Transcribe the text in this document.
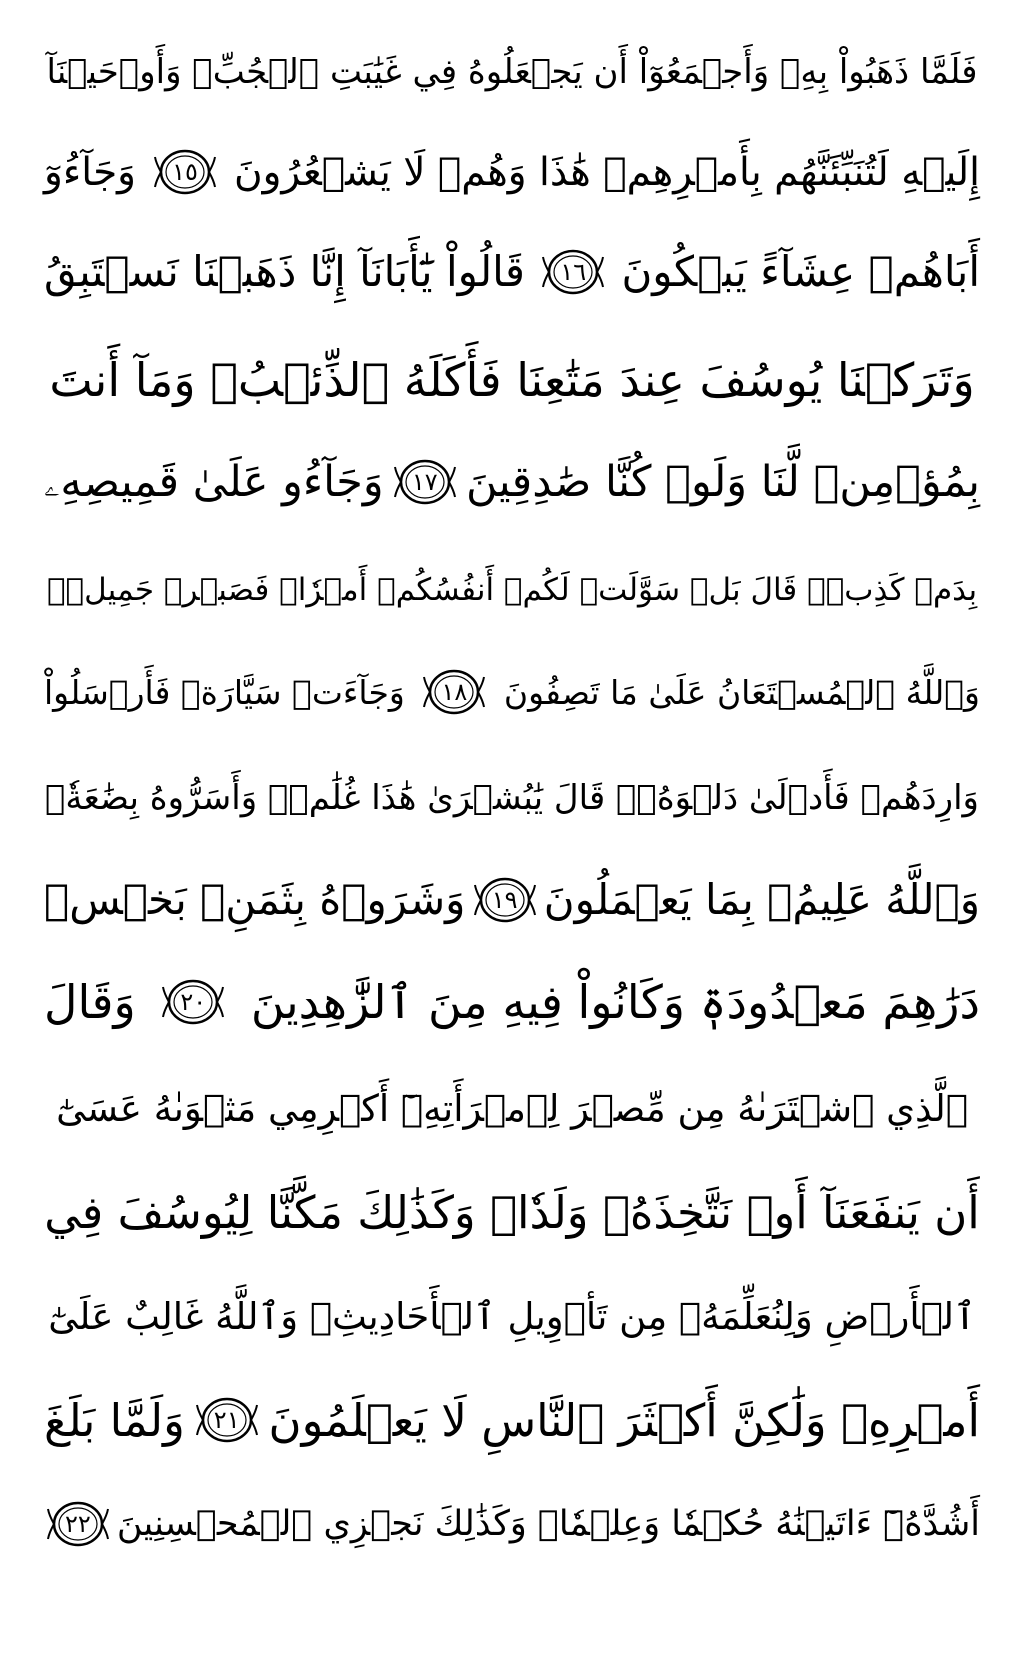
فَلَمَّا ذَهَبُواْ بِهِۦ وَأَجۡمَعُوٓاْ أَن يَجۡعَلُوهُ فِي غَيَٰبَتِ ٱلۡجُبِّۚ وَأَوۡحَيۡنَآ
إِلَيۡهِ لَتُنَبِّئَنَّهُم بِأَمۡرِهِمۡ هَٰذَا وَهُمۡ لَا يَشۡعُرُونَ
١٥
وَجَآءُوٓ
أَبَاهُمۡ عِشَآءً يَبۡكُونَ
١٦
قَالُواْ يَٰٓأَبَانَآ إِنَّا ذَهَبۡنَا نَسۡتَبِقُ
وَتَرَكۡنَا يُوسُفَ عِندَ مَتَٰعِنَا فَأَكَلَهُ ٱلذِّئۡبُۖ وَمَآ أَنتَ
بِمُؤۡمِنٖ لَّنَا وَلَوۡ كُنَّا صَٰدِقِينَ
١٧
وَجَآءُو عَلَىٰ قَمِيصِهِۦ
بِدَمٖ كَذِبٖۚ قَالَ بَلۡ سَوَّلَتۡ لَكُمۡ أَنفُسُكُمۡ أَمۡرٗاۖ فَصَبۡرٞ جَمِيلٞۖ
وَٱللَّهُ ٱلۡمُسۡتَعَانُ عَلَىٰ مَا تَصِفُونَ
١٨
وَجَآءَتۡ سَيَّارَةٞ فَأَرۡسَلُواْ
وَارِدَهُمۡ فَأَدۡلَىٰ دَلۡوَهُۥۖ قَالَ يَٰبُشۡرَىٰ هَٰذَا غُلَٰمٞۚ وَأَسَرُّوهُ بِضَٰعَةٗۚ
وَٱللَّهُ عَلِيمُۢ بِمَا يَعۡمَلُونَ
١٩
وَشَرَوۡهُ بِثَمَنِۢ بَخۡسٖ
دَرَٰهِمَ مَعۡدُودَةٖ وَكَانُواْ فِيهِ مِنَ ٱلزَّٰهِدِينَ
٢٠
وَقَالَ
ٱلَّذِي ٱشۡتَرَىٰهُ مِن مِّصۡرَ لِٱمۡرَأَتِهِۦٓ أَكۡرِمِي مَثۡوَىٰهُ عَسَىٰٓ
أَن يَنفَعَنَآ أَوۡ نَتَّخِذَهُۥ وَلَدٗاۚ وَكَذَٰلِكَ مَكَّنَّا لِيُوسُفَ فِي
ٱلۡأَرۡضِ وَلِنُعَلِّمَهُۥ مِن تَأۡوِيلِ ٱلۡأَحَادِيثِۚ وَٱللَّهُ غَالِبٌ عَلَىٰٓ
أَمۡرِهِۦ وَلَٰكِنَّ أَكۡثَرَ ٱلنَّاسِ لَا يَعۡلَمُونَ
٢١
وَلَمَّا بَلَغَ
أَشُدَّهُۥٓ ءَاتَيۡنَٰهُ حُكۡمٗا وَعِلۡمٗاۚ وَكَذَٰلِكَ نَجۡزِي ٱلۡمُحۡسِنِينَ
٢٢
